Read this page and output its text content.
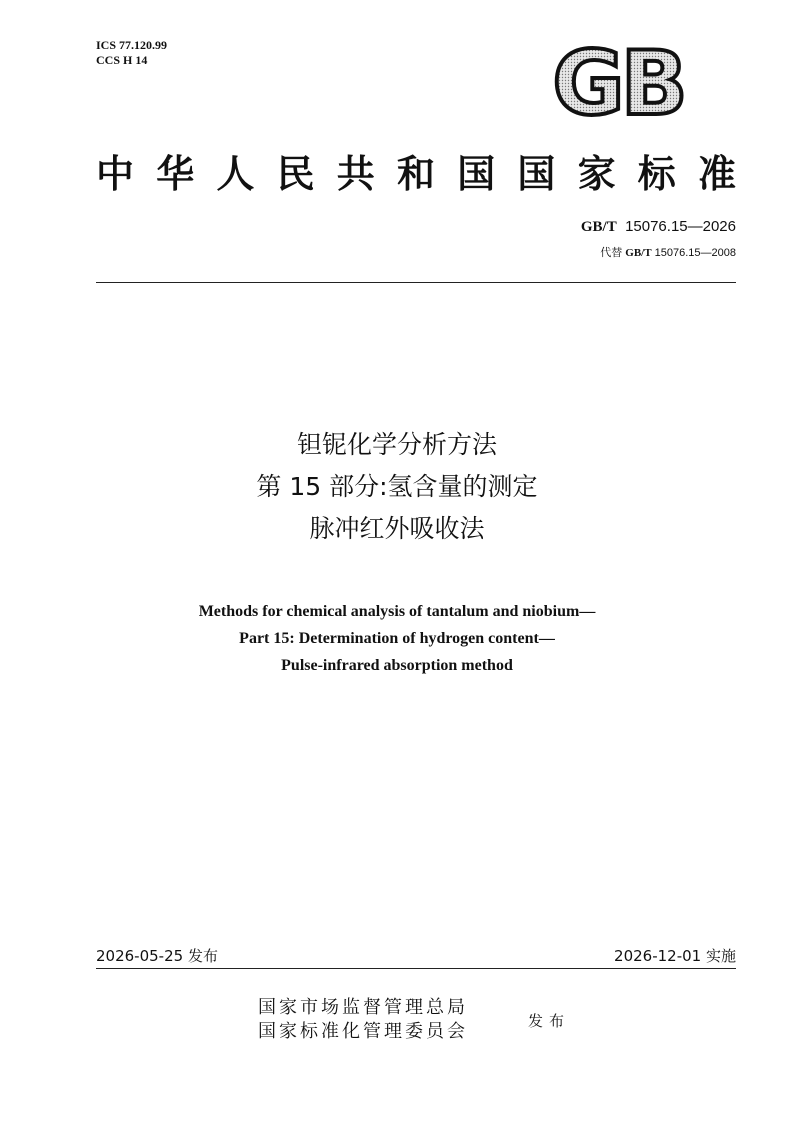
ICS 77.120.99
CCS H 14	GB
中华人民共和国国家标准
GB/T 15076.15—2026
代替 GB/T 15076.15—2008
钽铌化学分析方法
第 15 部分:氢含量的测定
脉冲红外吸收法
Methods for chemical analysis of tantalum and niobium—
Part 15: Determination of hydrogen content—
Pulse-infrared absorption method
2026-05-25 发布	2026-12-01 实施
国家市场监督管理总局
国家标准化管理委员会	发布
